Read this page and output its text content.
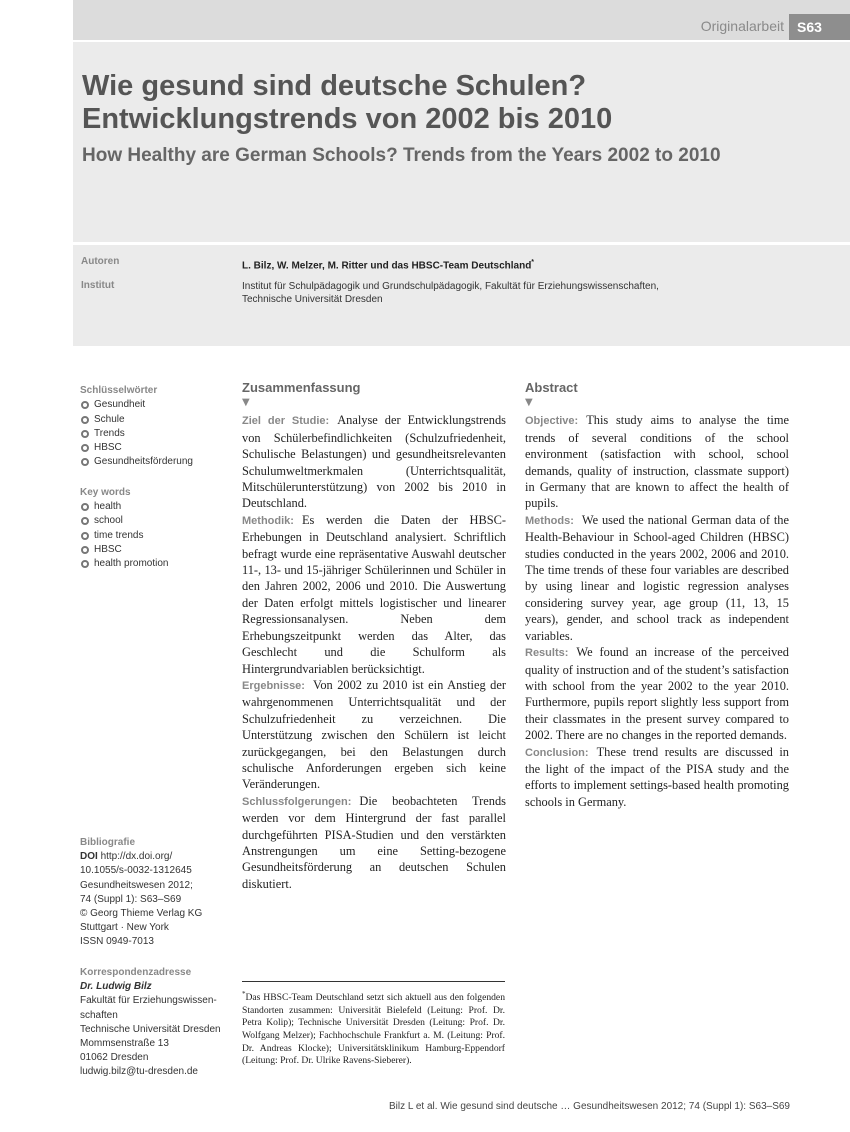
Originalarbeit S63
Wie gesund sind deutsche Schulen?
Entwicklungstrends von 2002 bis 2010
How Healthy are German Schools? Trends from the Years 2002 to 2010
Autoren	L. Bilz, W. Melzer, M. Ritter und das HBSC-Team Deutschland*
Institut	Institut für Schulpädagogik und Grundschulpädagogik, Fakultät für Erziehungswissenschaften,
Technische Universität Dresden
Schlüsselwörter
Gesundheit
Schule
Trends
HBSC
Gesundheitsförderung
Key words
health
school
time trends
HBSC
health promotion
Bibliografie
DOI http://dx.doi.org/
10.1055/s-0032-1312645
Gesundheitswesen 2012;
74 (Suppl 1): S63–S69
© Georg Thieme Verlag KG
Stuttgart · New York
ISSN 0949-7013
Korrespondenzadresse
Dr. Ludwig Bilz
Fakultät für Erziehungswissen-
schaften
Technische Universität Dresden
Mommsenstraße 13
01062 Dresden
ludwig.bilz@tu-dresden.de
Zusammenfassung
▼

Ziel der Studie: Analyse der Entwicklungstrends von Schülerbefindlichkeiten (Schulzufriedenheit, Schulische Belastungen) und gesundheitsrelevanten Schulumweltmerkmalen (Unterrichtsqualität, Mitschülerunterstützung) von 2002 bis 2010 in Deutschland.

Methodik: Es werden die Daten der HBSC-Erhebungen in Deutschland analysiert. Schriftlich befragt wurde eine repräsentative Auswahl deutscher 11-, 13- und 15-jähriger Schülerinnen und Schüler in den Jahren 2002, 2006 und 2010. Die Auswertung der Daten erfolgt mittels logistischer und linearer Regressionsanalysen. Neben dem Erhebungszeitpunkt werden das Alter, das Geschlecht und die Schulform als Hintergrundvariablen berücksichtigt.

Ergebnisse: Von 2002 zu 2010 ist ein Anstieg der wahrgenommenen Unterrichtsqualität und der Schulzufriedenheit zu verzeichnen. Die Unterstützung zwischen den Schülern ist leicht zurückgegangen, bei den Belastungen durch schulische Anforderungen ergeben sich keine Veränderungen.

Schlussfolgerungen: Die beobachteten Trends werden vor dem Hintergrund der fast parallel durchgeführten PISA-Studien und den verstärkten Anstrengungen um eine Setting-bezogene Gesundheitsförderung an deutschen Schulen diskutiert.

Abstract
▼

Objective: This study aims to analyse the time trends of several conditions of the school environment (satisfaction with school, school demands, quality of instruction, classmate support) in Germany that are known to affect the health of pupils.

Methods: We used the national German data of the Health-Behaviour in School-aged Children (HBSC) studies conducted in the years 2002, 2006 and 2010. The time trends of these four variables are described by using linear and logistic regression analyses considering survey year, age group (11, 13, 15 years), gender, and school track as independent variables.

Results: We found an increase of the perceived quality of instruction and of the student’s satisfaction with school from the year 2002 to the year 2010. Furthermore, pupils report slightly less support from their classmates in the present survey compared to 2002. There are no changes in the reported demands.

Conclusion: These trend results are discussed in the light of the impact of the PISA study and the efforts to implement settings-based health promoting schools in Germany.

*Das HBSC-Team Deutschland setzt sich aktuell aus den folgenden Standorten zusammen: Universität Bielefeld (Leitung: Prof. Dr. Petra Kolip); Technische Universität Dresden (Leitung: Prof. Dr. Wolfgang Melzer); Fachhochschule Frankfurt a. M. (Leitung: Prof. Dr. Andreas Klocke); Universitätsklinikum Hamburg-Eppendorf (Leitung: Prof. Dr. Ulrike Ravens-Sieberer).
Bilz L et al. Wie gesund sind deutsche … Gesundheitswesen 2012; 74 (Suppl 1): S63–S69
